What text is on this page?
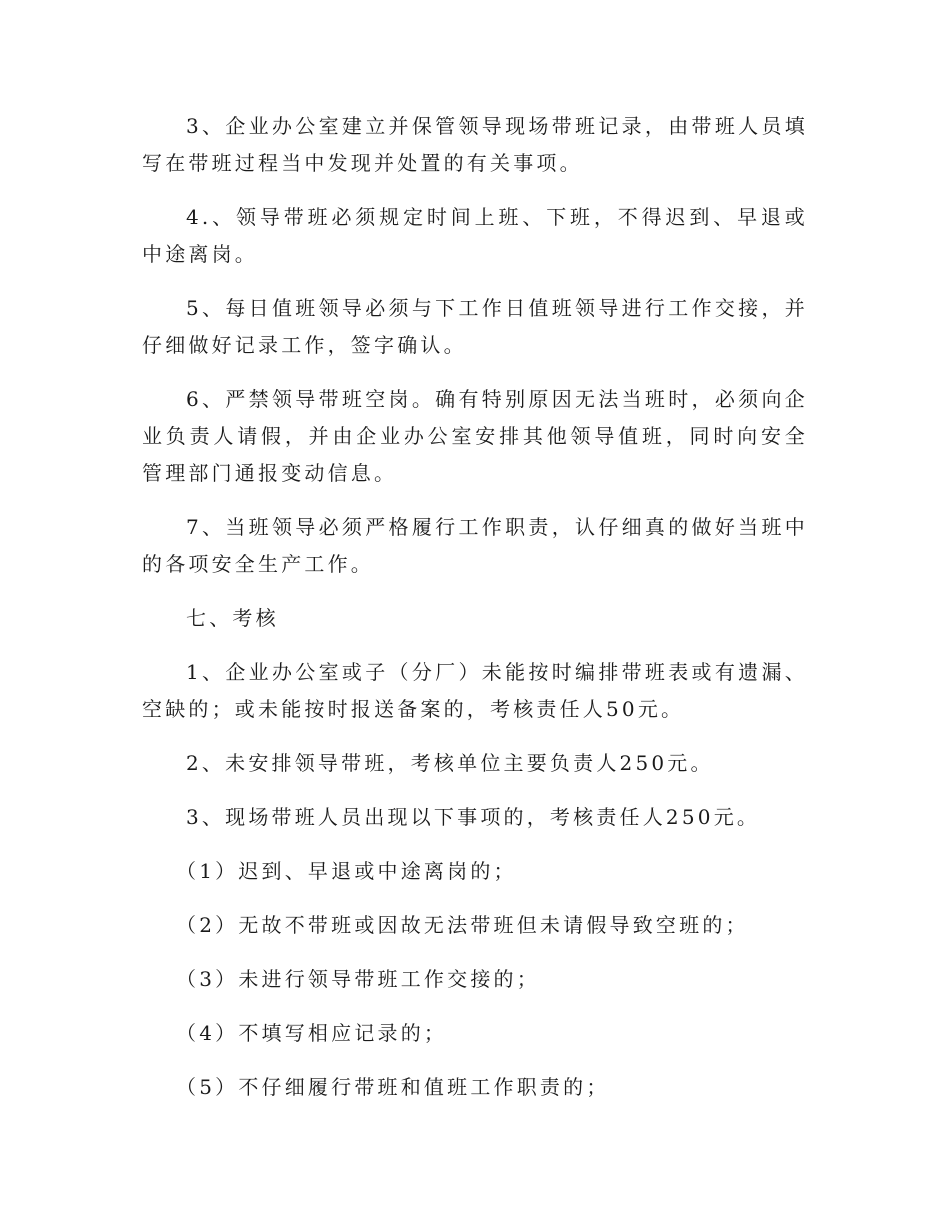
3、企业办公室建立并保管领导现场带班记录，由带班人员填写在带班过程当中发现并处置的有关事项。

4.、领导带班必须规定时间上班、下班，不得迟到、早退或中途离岗。

5、每日值班领导必须与下工作日值班领导进行工作交接，并仔细做好记录工作，签字确认。

6、严禁领导带班空岗。确有特别原因无法当班时，必须向企业负责人请假，并由企业办公室安排其他领导值班，同时向安全管理部门通报变动信息。

7、当班领导必须严格履行工作职责，认仔细真的做好当班中的各项安全生产工作。

七、考核

1、企业办公室或子（分厂）未能按时编排带班表或有遗漏、空缺的；或未能按时报送备案的，考核责任人50元。

2、未安排领导带班，考核单位主要负责人250元。

3、现场带班人员出现以下事项的，考核责任人250元。

（1）迟到、早退或中途离岗的；

（2）无故不带班或因故无法带班但未请假导致空班的；

（3）未进行领导带班工作交接的；

（4）不填写相应记录的；

（5）不仔细履行带班和值班工作职责的；
